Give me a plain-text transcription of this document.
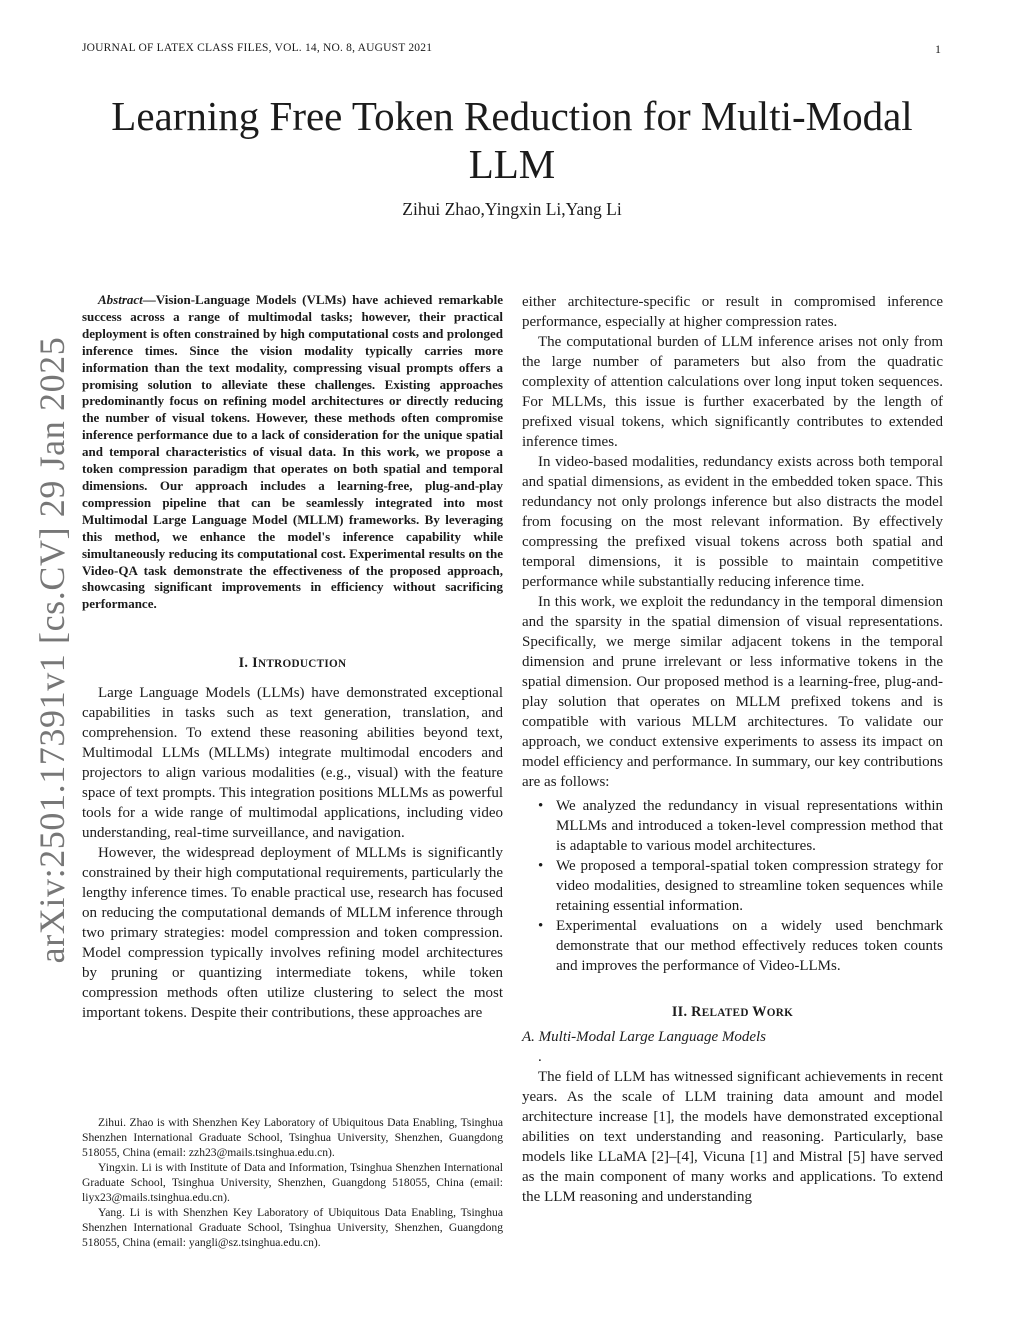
JOURNAL OF LATEX CLASS FILES, VOL. 14, NO. 8, AUGUST 2021	1
arXiv:2501.17391v1 [cs.CV] 29 Jan 2025
Learning Free Token Reduction for Multi-Modal LLM
Zihui Zhao,Yingxin Li,Yang Li

Abstract—Vision-Language Models (VLMs) have achieved remarkable success across a range of multimodal tasks; however, their practical deployment is often constrained by high computational costs and prolonged inference times. Since the vision modality typically carries more information than the text modality, compressing visual prompts offers a promising solution to alleviate these challenges. Existing approaches predominantly focus on refining model architectures or directly reducing the number of visual tokens. However, these methods often compromise inference performance due to a lack of consideration for the unique spatial and temporal characteristics of visual data. In this work, we propose a token compression paradigm that operates on both spatial and temporal dimensions. Our approach includes a learning-free, plug-and-play compression pipeline that can be seamlessly integrated into most Multimodal Large Language Model (MLLM) frameworks. By leveraging this method, we enhance the model's inference capability while simultaneously reducing its computational cost. Experimental results on the Video-QA task demonstrate the effectiveness of the proposed approach, showcasing significant improvements in efficiency without sacrificing performance.

I. INTRODUCTION

Large Language Models (LLMs) have demonstrated exceptional capabilities in tasks such as text generation, translation, and comprehension. To extend these reasoning abilities beyond text, Multimodal LLMs (MLLMs) integrate multimodal encoders and projectors to align various modalities (e.g., visual) with the feature space of text prompts. This integration positions MLLMs as powerful tools for a wide range of multimodal applications, including video understanding, real-time surveillance, and navigation.

However, the widespread deployment of MLLMs is significantly constrained by their high computational requirements, particularly the lengthy inference times. To enable practical use, research has focused on reducing the computational demands of MLLM inference through two primary strategies: model compression and token compression. Model compression typically involves refining model architectures by pruning or quantizing intermediate tokens, while token compression methods often utilize clustering to select the most important tokens. Despite their contributions, these approaches are

either architecture-specific or result in compromised inference performance, especially at higher compression rates.

The computational burden of LLM inference arises not only from the large number of parameters but also from the quadratic complexity of attention calculations over long input token sequences. For MLLMs, this issue is further exacerbated by the length of prefixed visual tokens, which significantly contributes to extended inference times.

In video-based modalities, redundancy exists across both temporal and spatial dimensions, as evident in the embedded token space. This redundancy not only prolongs inference but also distracts the model from focusing on the most relevant information. By effectively compressing the prefixed visual tokens across both spatial and temporal dimensions, it is possible to maintain competitive performance while substantially reducing inference time.

In this work, we exploit the redundancy in the temporal dimension and the sparsity in the spatial dimension of visual representations. Specifically, we merge similar adjacent tokens in the temporal dimension and prune irrelevant or less informative tokens in the spatial dimension. Our proposed method is a learning-free, plug-and-play solution that operates on MLLM prefixed tokens and is compatible with various MLLM architectures. To validate our approach, we conduct extensive experiments to assess its impact on model efficiency and performance. In summary, our key contributions are as follows:

• We analyzed the redundancy in visual representations within MLLMs and introduced a token-level compression method that is adaptable to various model architectures.
• We proposed a temporal-spatial token compression strategy for video modalities, designed to streamline token sequences while retaining essential information.
• Experimental evaluations on a widely used benchmark demonstrate that our method effectively reduces token counts and improves the performance of Video-LLMs.
II. RELATED WORK

A. Multi-Modal Large Language Models

.

The field of LLM has witnessed significant achievements in recent years. As the scale of LLM training data amount and model architecture increase [1], the models have demonstrated exceptional abilities on text understanding and reasoning. Particularly, base models like LLaMA [2]–[4], Vicuna [1] and Mistral [5] have served as the main component of many works and applications. To extend the LLM reasoning and understanding

Zihui. Zhao is with Shenzhen Key Laboratory of Ubiquitous Data Enabling, Tsinghua Shenzhen International Graduate School, Tsinghua University, Shenzhen, Guangdong 518055, China (email: zzh23@mails.tsinghua.edu.cn).

Yingxin. Li is with Institute of Data and Information, Tsinghua Shenzhen International Graduate School, Tsinghua University, Shenzhen, Guangdong 518055, China (email: liyx23@mails.tsinghua.edu.cn).

Yang. Li is with Shenzhen Key Laboratory of Ubiquitous Data Enabling, Tsinghua Shenzhen International Graduate School, Tsinghua University, Shenzhen, Guangdong 518055, China (email: yangli@sz.tsinghua.edu.cn).
